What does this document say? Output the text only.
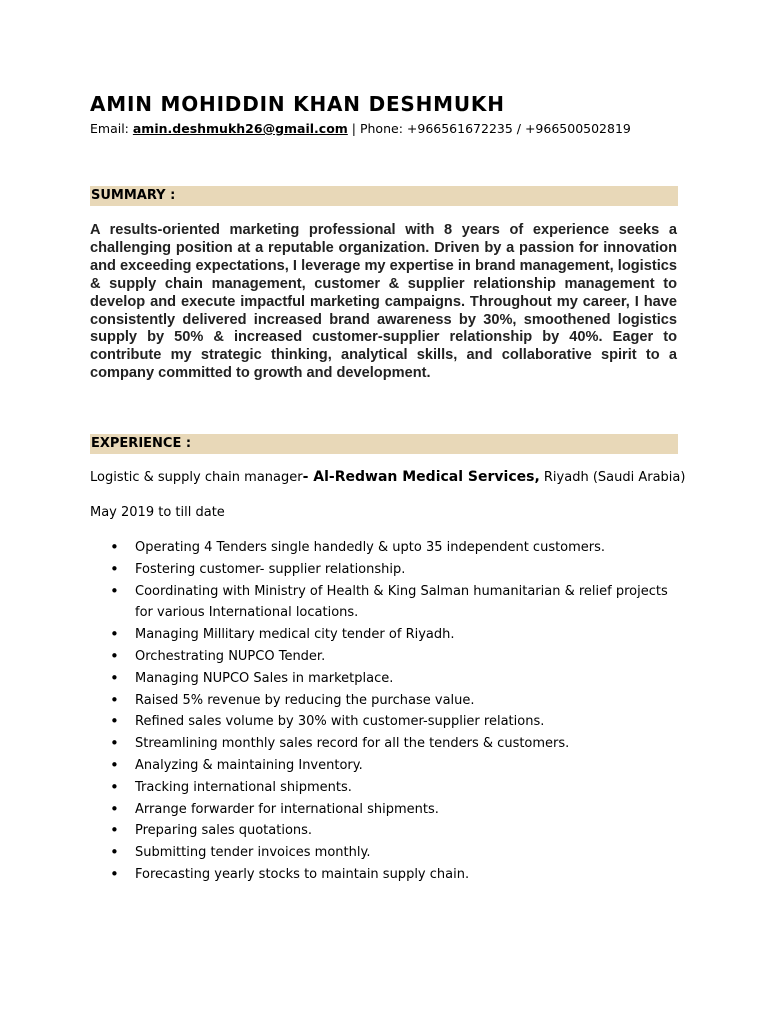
AMIN MOHIDDIN KHAN DESHMUKH
Email: amin.deshmukh26@gmail.com | Phone: +966561672235 / +966500502819
SUMMARY :

A results-oriented marketing professional with 8 years of experience seeks a challenging position at a reputable organization. Driven by a passion for innovation and exceeding expectations, I leverage my expertise in brand management, logistics & supply chain management, customer & supplier relationship management to develop and execute impactful marketing campaigns. Throughout my career, I have consistently delivered increased brand awareness by 30%, smoothened logistics supply by 50% & increased customer-supplier relationship by 40%. Eager to contribute my strategic thinking, analytical skills, and collaborative spirit to a company committed to growth and development.

EXPERIENCE :
Logistic & supply chain manager- Al-Redwan Medical Services, Riyadh (Saudi Arabia)
May 2019 to till date
• Operating 4 Tenders single handedly & upto 35 independent customers.
• Fostering customer- supplier relationship.
• Coordinating with Ministry of Health & King Salman humanitarian & relief projects for various International locations.
• Managing Millitary medical city tender of Riyadh.
• Orchestrating NUPCO Tender.
• Managing NUPCO Sales in marketplace.
• Raised 5% revenue by reducing the purchase value.
• Refined sales volume by 30% with customer-supplier relations.
• Streamlining monthly sales record for all the tenders & customers.
• Analyzing & maintaining Inventory.
• Tracking international shipments.
• Arrange forwarder for international shipments.
• Preparing sales quotations.
• Submitting tender invoices monthly.
• Forecasting yearly stocks to maintain supply chain.
